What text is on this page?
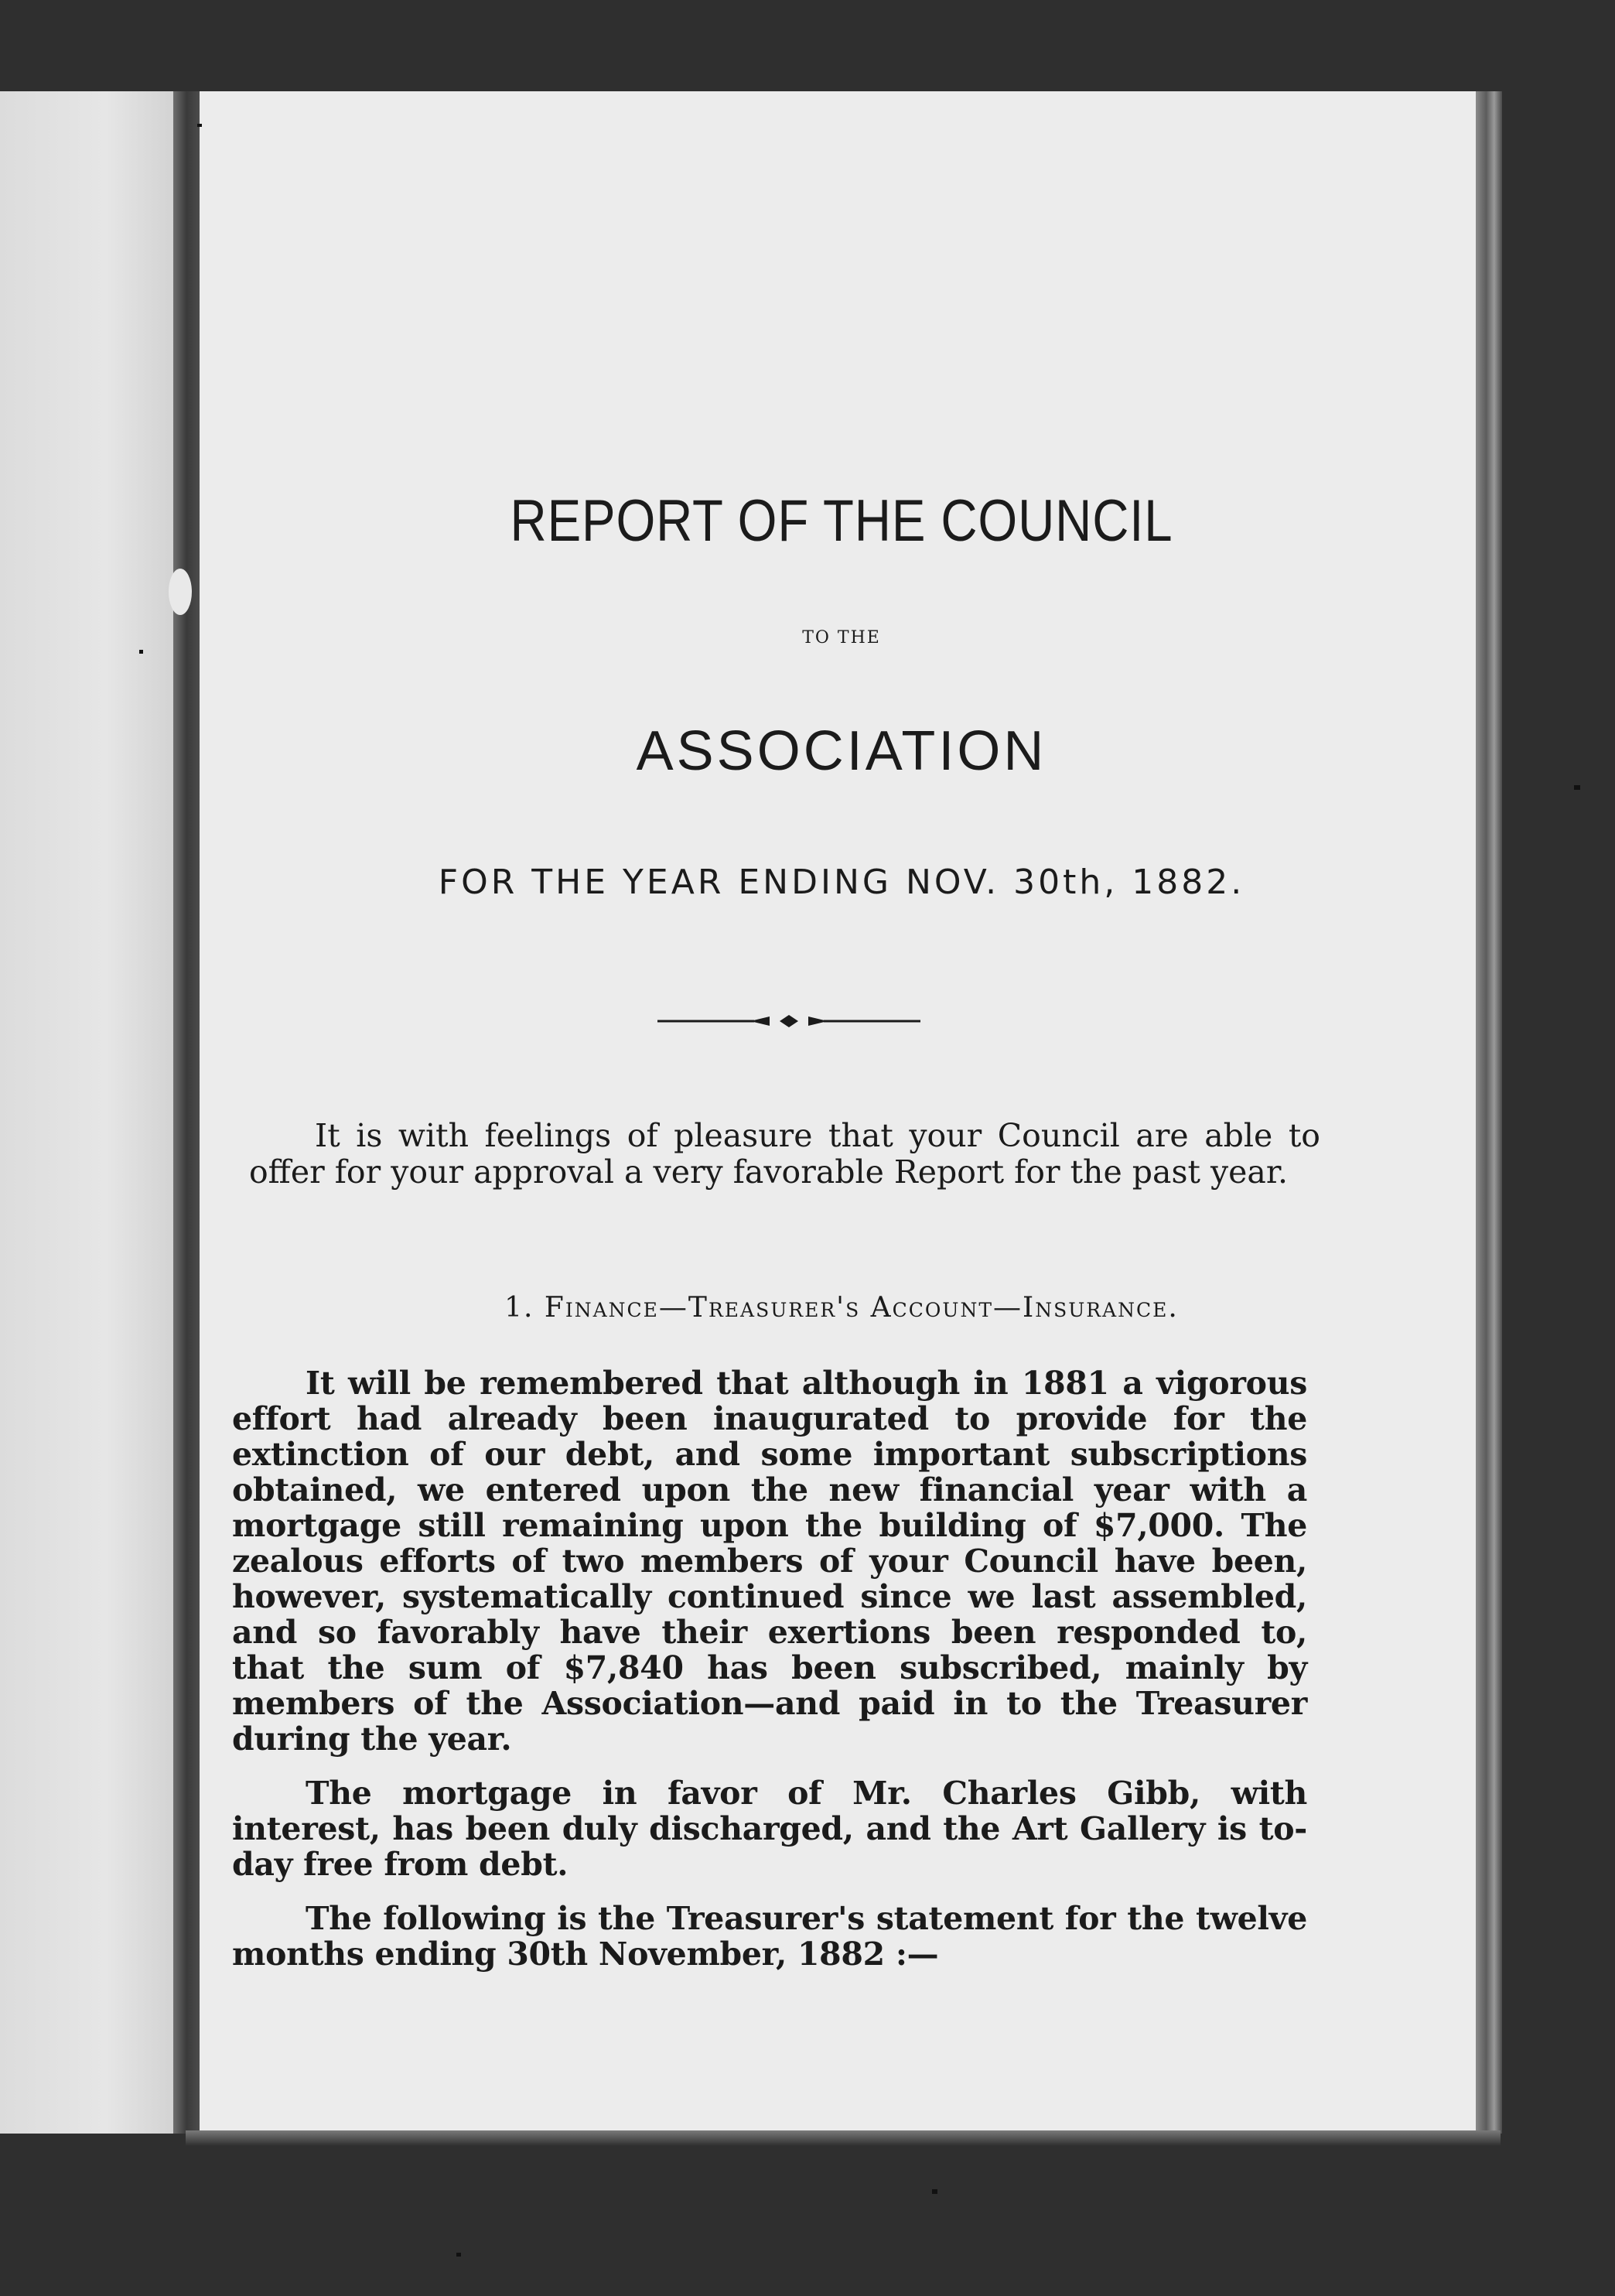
REPORT OF THE COUNCIL
TO THE
ASSOCIATION
FOR THE YEAR ENDING NOV. 30th, 1882.
It is with feelings of pleasure that your Council are able to offer for your approval a very favorable Report for the past year.
1. Finance—Treasurer's Account—Insurance.

It will be remembered that although in 1881 a vigorous effort had already been inaugurated to provide for the extinction of our debt, and some important subscriptions obtained, we entered upon the new financial year with a mortgage still remaining upon the building of $7,000. The zealous efforts of two members of your Council have been, however, systematically continued since we last assembled, and so favorably have their exertions been responded to, that the sum of $7,840 has been subscribed, mainly by members of the Association—and paid in to the Treasurer during the year.

The mortgage in favor of Mr. Charles Gibb, with interest, has been duly discharged, and the Art Gallery is to-day free from debt.

The following is the Treasurer's statement for the twelve months ending 30th November, 1882 :—
